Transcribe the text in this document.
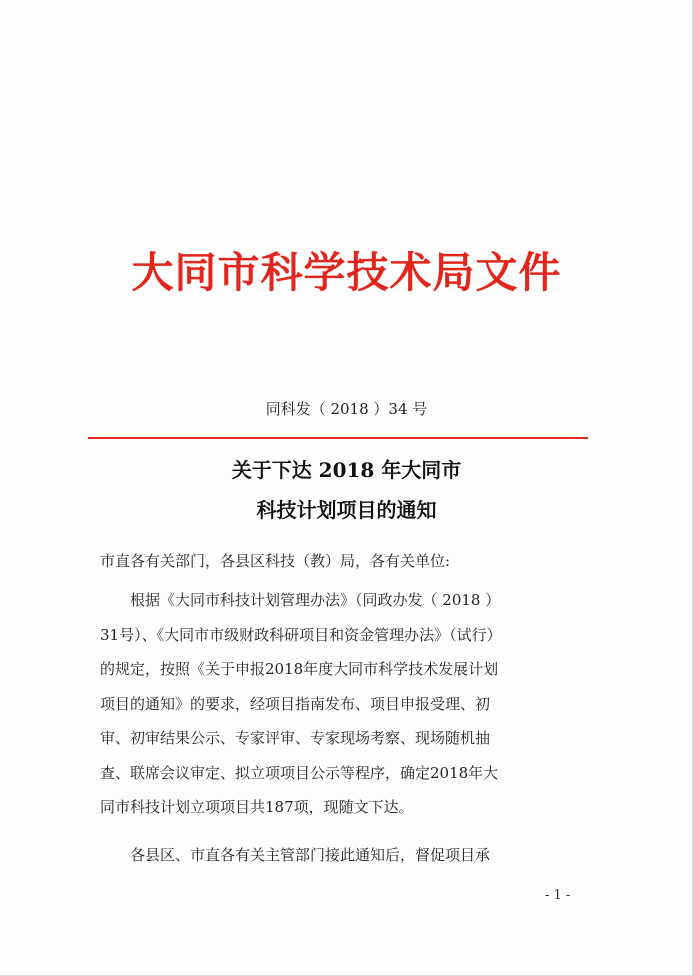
大同市科学技术局文件
同科发（ 2018 ）34 号
关于下达 2018 年大同市
科技计划项目的通知
市直各有关部门，各县区科技（教）局，各有关单位:
　　根据《大同市科技计划管理办法》（同政办发（ 2018 ）
31号）、《大同市市级财政科研项目和资金管理办法》（试行）
的规定，按照《关于申报2018年度大同市科学技术发展计划
项目的通知》的要求，经项目指南发布、项目申报受理、初
审、初审结果公示、专家评审、专家现场考察、现场随机抽
查、联席会议审定、拟立项项目公示等程序，确定2018年大
同市科技计划立项项目共187项，现随文下达。
　　各县区、市直各有关主管部门接此通知后，督促项目承
- 1 -
